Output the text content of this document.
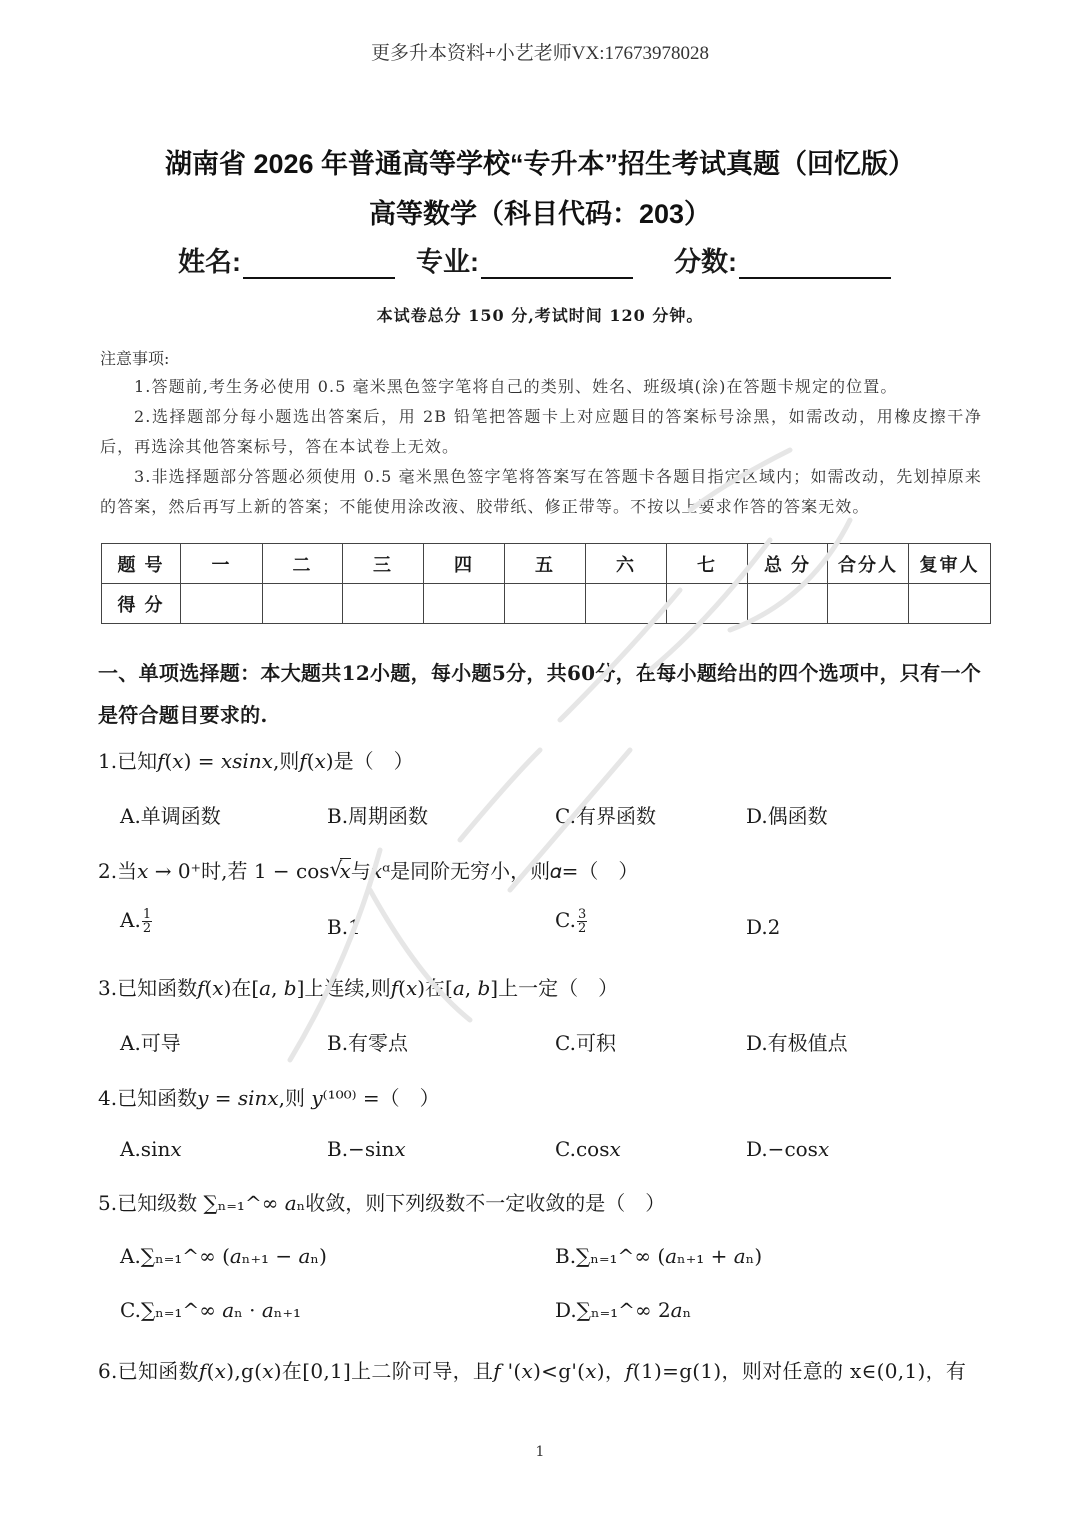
更多升本资料+小艺老师VX:17673978028
湖南省 2026 年普通高等学校“专升本”招生考试真题（回忆版）
高等数学（科目代码：203）
姓名:	专业:	分数:
本试卷总分 150 分,考试时间 120 分钟。
注意事项:
1.答题前,考生务必使用 0.5 毫米黑色签字笔将自己的类别、姓名、班级填(涂)在答题卡规定的位置。
2.选择题部分每小题选出答案后，用 2B 铅笔把答题卡上对应题目的答案标号涂黑，如需改动，用橡皮擦干净后，再选涂其他答案标号，答在本试卷上无效。
3.非选择题部分答题必须使用 0.5 毫米黑色签字笔将答案写在答题卡各题目指定区域内；如需改动，先划掉原来的答案，然后再写上新的答案；不能使用涂改液、胶带纸、修正带等。不按以上要求作答的答案无效。
题 号	一	二	三	四	五	六	七	总 分	合分人	复审人
得 分										
一、单项选择题：本大题共12小题，每小题5分，共60分，在每小题给出的四个选项中，只有一个是符合题目要求的.
1.已知𝑓(𝑥) = 𝑥𝑠𝑖𝑛𝑥,则𝑓(𝑥)是（　）
A.单调函数	B.周期函数	C.有界函数	D.偶函数
2.当𝑥 → 0⁺时,若 1 − cos √
𝑥与𝑥ᵅ是同阶无穷小，则𝛼=（　）
A. $\frac{1}{2}$	B.1	C. $\frac{3}{2}$	D.2
3.已知函数𝑓(𝑥)在[𝑎, 𝑏]上连续,则𝑓(𝑥)在[𝑎, 𝑏]上一定（　）
A.可导	B.有零点	C.可积	D.有极值点
4.已知函数𝑦 = 𝑠𝑖𝑛𝑥,则 𝑦⁽¹⁰⁰⁾ =（　）
A.sin𝑥	B.−sin𝑥	C.cos𝑥	D.−cos𝑥
5.已知级数 ∑ₙ₌₁^∞ 𝑎ₙ收敛，则下列级数不一定收敛的是（　）
A.∑ₙ₌₁^∞ (𝑎ₙ₊₁ − 𝑎ₙ)	B.∑ₙ₌₁^∞ (𝑎ₙ₊₁ + 𝑎ₙ)
C.∑ₙ₌₁^∞ 𝑎ₙ · 𝑎ₙ₊₁	D.∑ₙ₌₁^∞ 2𝑎ₙ
6.已知函数𝑓(𝑥),g(𝑥)在[0,1]上二阶可导，且𝑓 '(𝑥)<g'(𝑥)，𝑓(1)=g(1)，则对任意的 x∈(0,1)，有
1
